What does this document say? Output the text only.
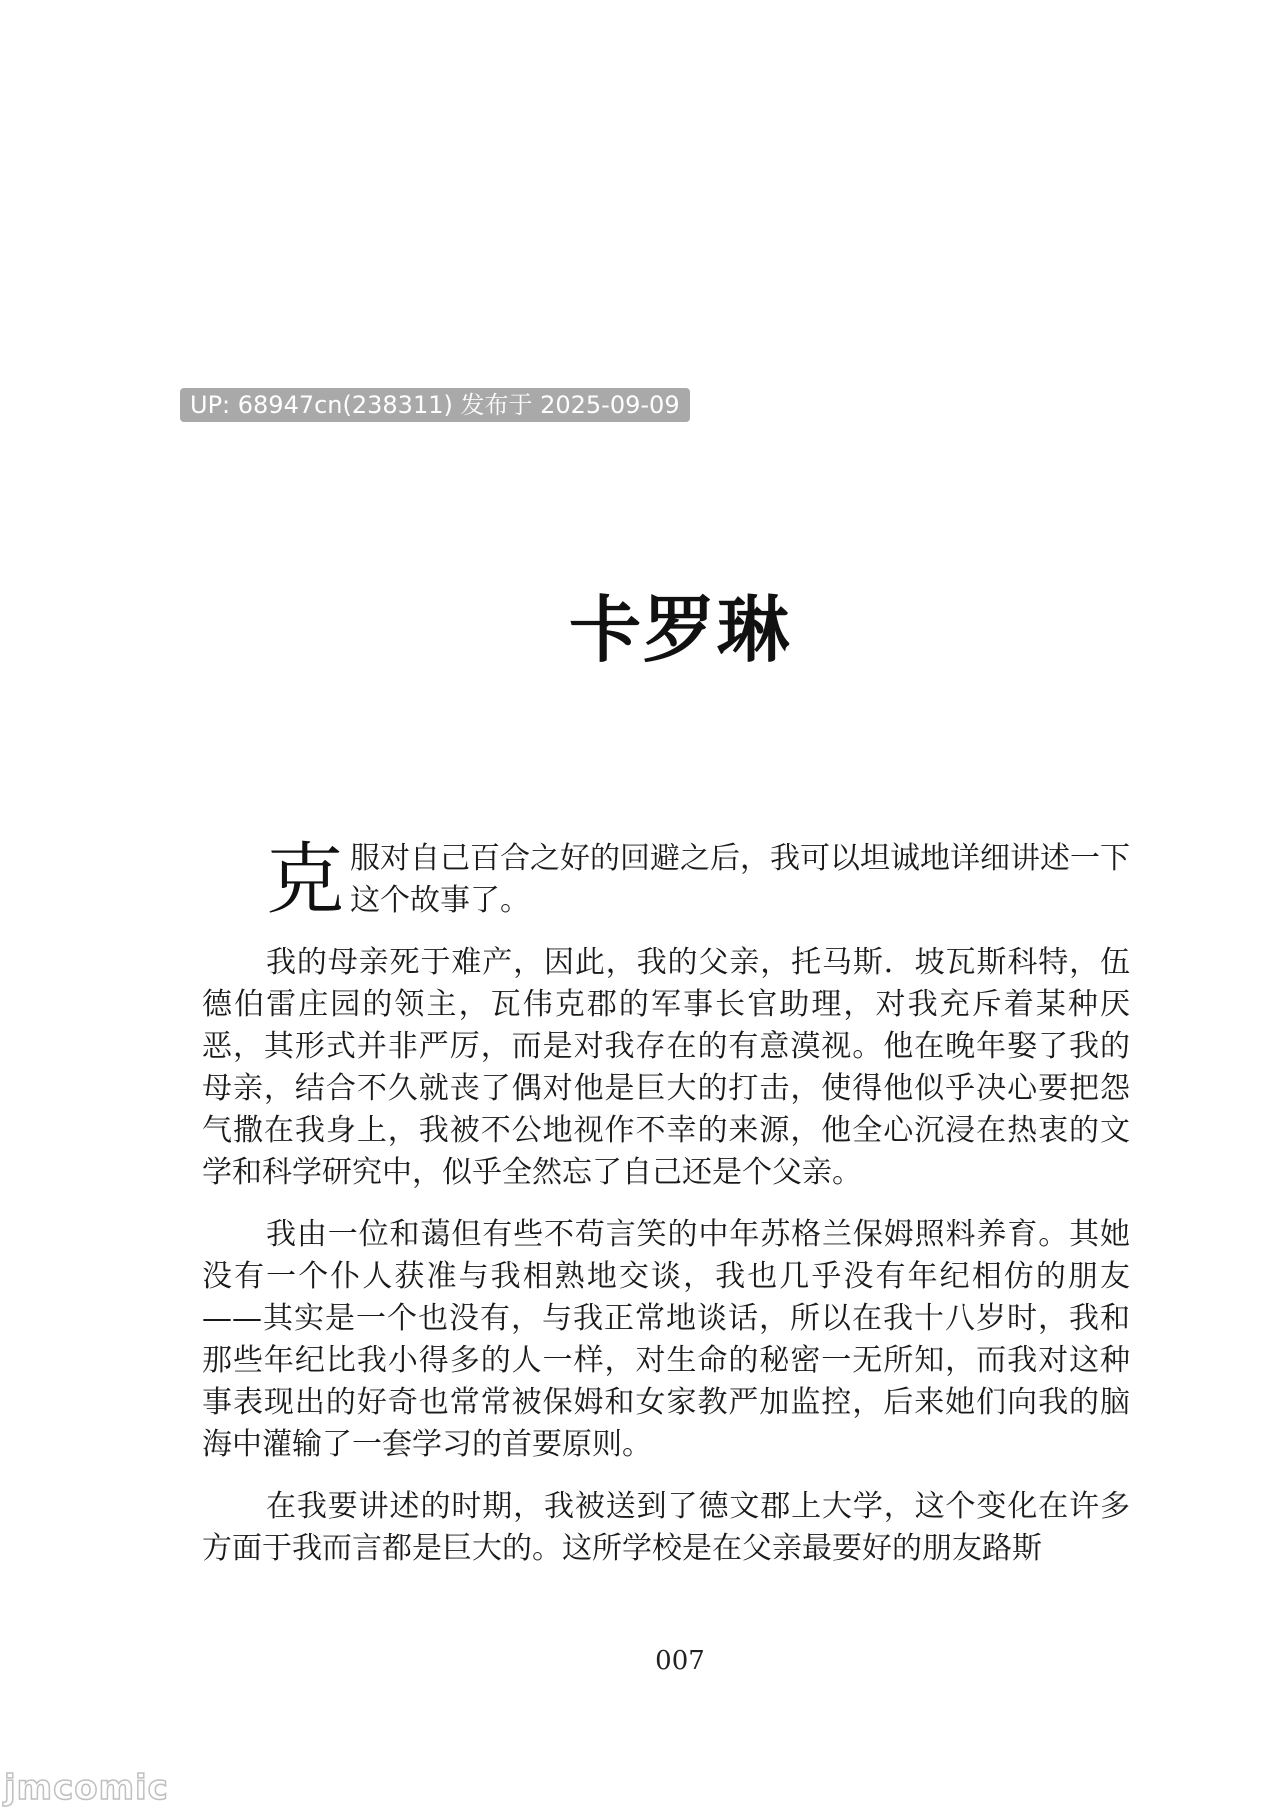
UP: 68947cn(238311) 发布于 2025-09-09
卡罗琳

克服对自己百合之好的回避之后，我可以坦诚地详细讲述一下这个故事了。

我的母亲死于难产，因此，我的父亲，托马斯．坡瓦斯科特，伍德伯雷庄园的领主，瓦伟克郡的军事长官助理，对我充斥着某种厌恶，其形式并非严厉，而是对我存在的有意漠视。他在晚年娶了我的母亲，结合不久就丧了偶对他是巨大的打击，使得他似乎决心要把怨气撒在我身上，我被不公地视作不幸的来源，他全心沉浸在热衷的文学和科学研究中，似乎全然忘了自己还是个父亲。

我由一位和蔼但有些不苟言笑的中年苏格兰保姆照料养育。其她没有一个仆人获准与我相熟地交谈，我也几乎没有年纪相仿的朋友——其实是一个也没有，与我正常地谈话，所以在我十八岁时，我和那些年纪比我小得多的人一样，对生命的秘密一无所知，而我对这种事表现出的好奇也常常被保姆和女家教严加监控，后来她们向我的脑海中灌输了一套学习的首要原则。

在我要讲述的时期，我被送到了德文郡上大学，这个变化在许多方面于我而言都是巨大的。这所学校是在父亲最要好的朋友路斯

007
jmcomic
